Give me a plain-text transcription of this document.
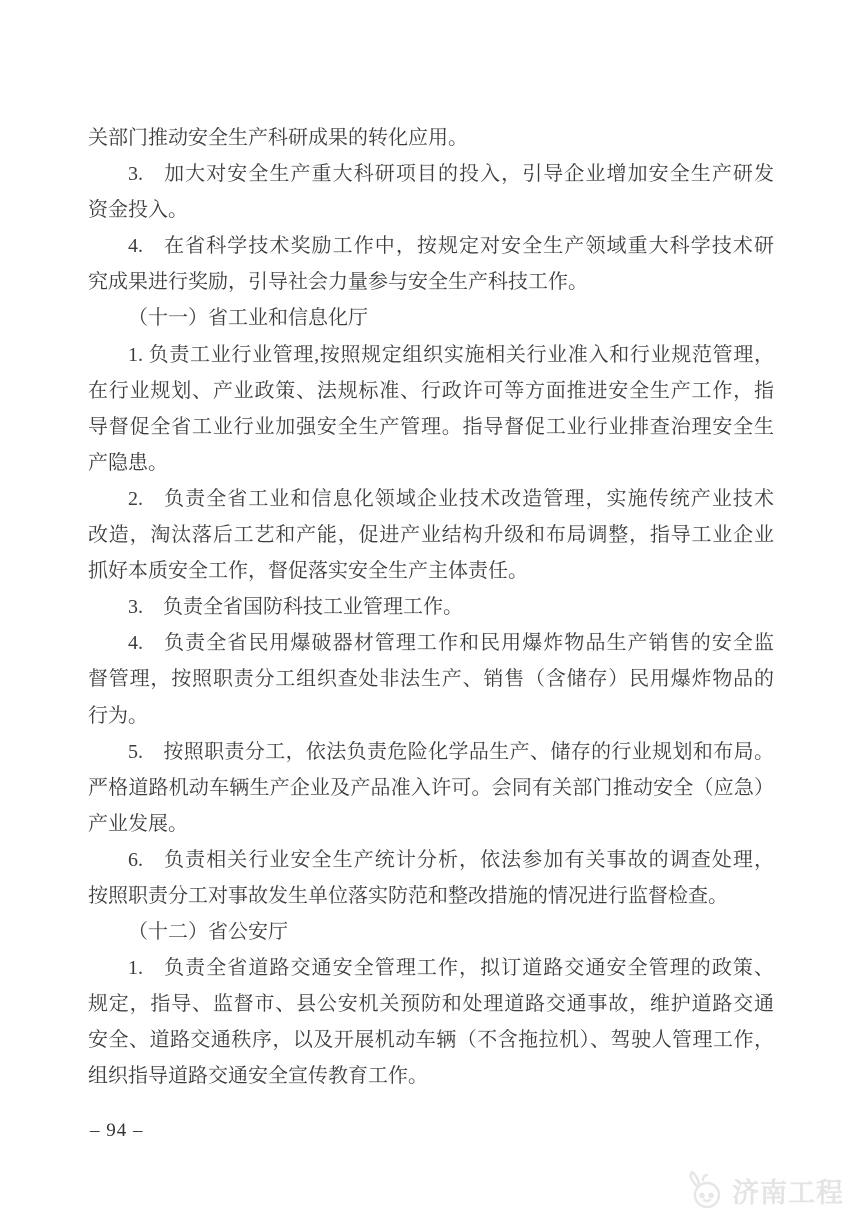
关部门推动安全生产科研成果的转化应用。
3. 加大对安全生产重大科研项目的投入，引导企业增加安全生产研发
资金投入。
4. 在省科学技术奖励工作中，按规定对安全生产领域重大科学技术研
究成果进行奖励，引导社会力量参与安全生产科技工作。
（十一）省工业和信息化厅
1. 负责工业行业管理,按照规定组织实施相关行业准入和行业规范管理，
在行业规划、产业政策、法规标准、行政许可等方面推进安全生产工作，指
导督促全省工业行业加强安全生产管理。指导督促工业行业排查治理安全生
产隐患。
2. 负责全省工业和信息化领域企业技术改造管理，实施传统产业技术
改造，淘汰落后工艺和产能，促进产业结构升级和布局调整，指导工业企业
抓好本质安全工作，督促落实安全生产主体责任。
3. 负责全省国防科技工业管理工作。
4. 负责全省民用爆破器材管理工作和民用爆炸物品生产销售的安全监
督管理，按照职责分工组织查处非法生产、销售（含储存）民用爆炸物品的
行为。
5. 按照职责分工，依法负责危险化学品生产、储存的行业规划和布局。
严格道路机动车辆生产企业及产品准入许可。会同有关部门推动安全（应急）
产业发展。
6. 负责相关行业安全生产统计分析，依法参加有关事故的调查处理，
按照职责分工对事故发生单位落实防范和整改措施的情况进行监督检查。
（十二）省公安厅
1. 负责全省道路交通安全管理工作，拟订道路交通安全管理的政策、
规定，指导、监督市、县公安机关预防和处理道路交通事故，维护道路交通
安全、道路交通秩序，以及开展机动车辆（不含拖拉机）、驾驶人管理工作，
组织指导道路交通安全宣传教育工作。
– 94 –
济南工程
